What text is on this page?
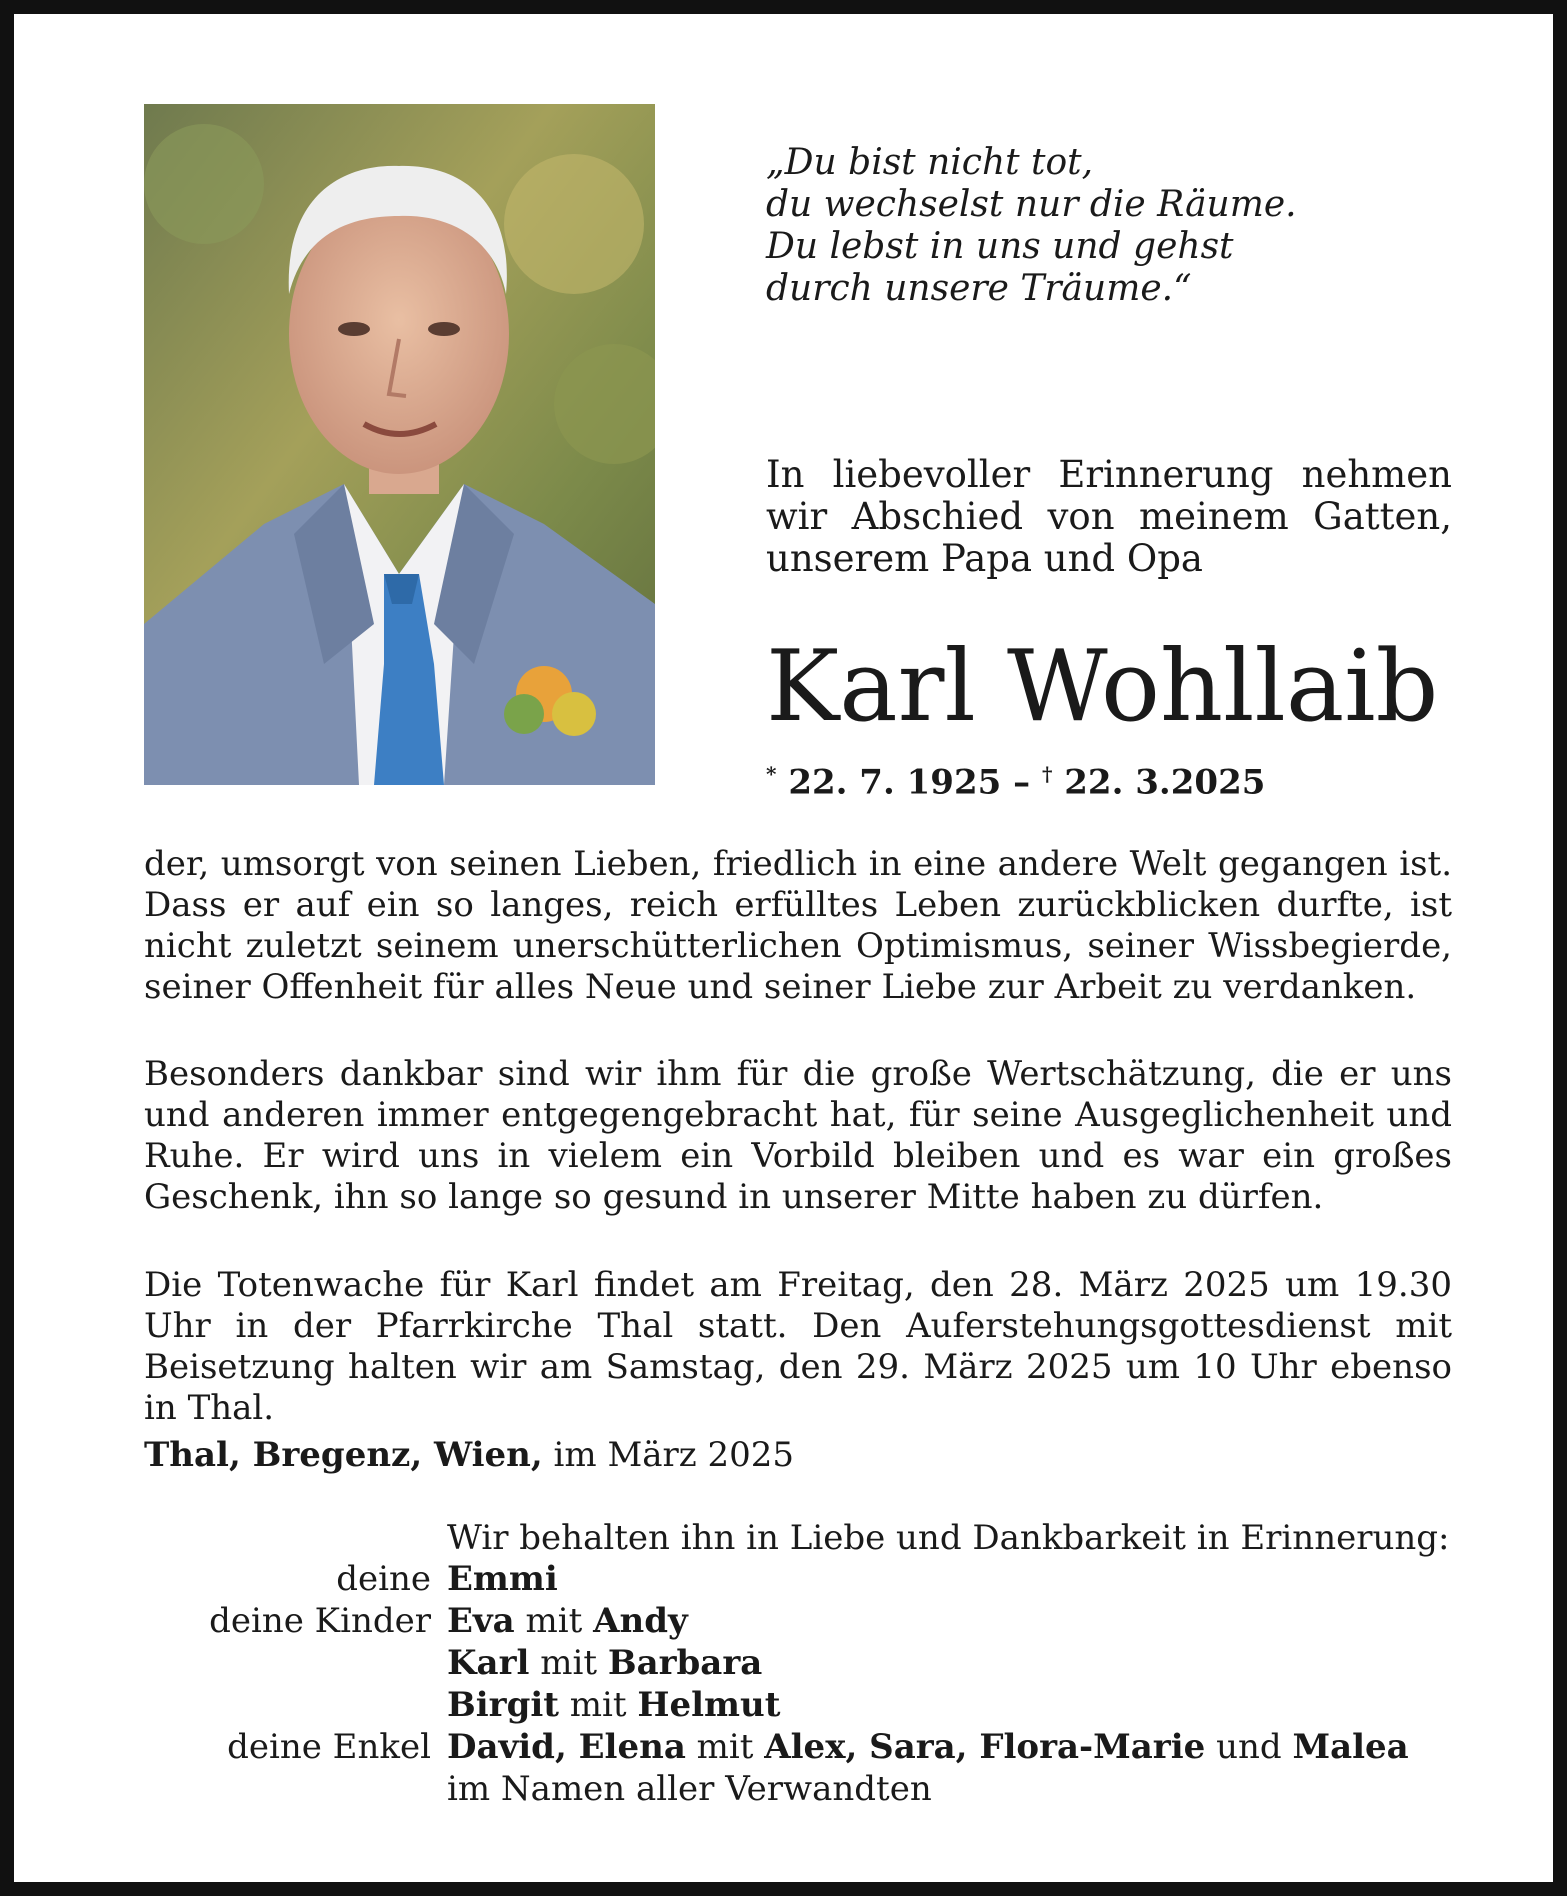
„Du bist nicht tot,
du wechselst nur die Räume.
Du lebst in uns und gehst
durch unsere Träume.“

In liebevoller Erinnerung nehmen wir Abschied von meinem Gatten, unserem Papa und Opa

Karl Wohllaib
* 22. 7. 1925 – † 22. 3.2025

der, umsorgt von seinen Lieben, friedlich in eine andere Welt gegangen ist. Dass er auf ein so langes, reich erfülltes Leben zurückblicken durfte, ist nicht zuletzt seinem unerschütterlichen Optimismus, seiner Wissbegierde, seiner Offenheit für alles Neue und seiner Liebe zur Arbeit zu verdanken.

Besonders dankbar sind wir ihm für die große Wertschätzung, die er uns und anderen immer entgegengebracht hat, für seine Ausgeglichenheit und Ruhe. Er wird uns in vielem ein Vorbild bleiben und es war ein großes Geschenk, ihn so lange so gesund in unserer Mitte haben zu dürfen.

Die Totenwache für Karl findet am Freitag, den 28. März 2025 um 19.30 Uhr in der Pfarrkirche Thal statt. Den Auferstehungsgottesdienst mit Beisetzung halten wir am Samstag, den 29. März 2025 um 10 Uhr ebenso in Thal.

Thal, Bregenz, Wien, im März 2025
Wir behalten ihn in Liebe und Dankbarkeit in Erinnerung:
deine Emmi
deine Kinder Eva mit Andy
Karl mit Barbara
Birgit mit Helmut
deine Enkel David, Elena mit Alex, Sara, Flora-Marie und Malea
im Namen aller Verwandten
